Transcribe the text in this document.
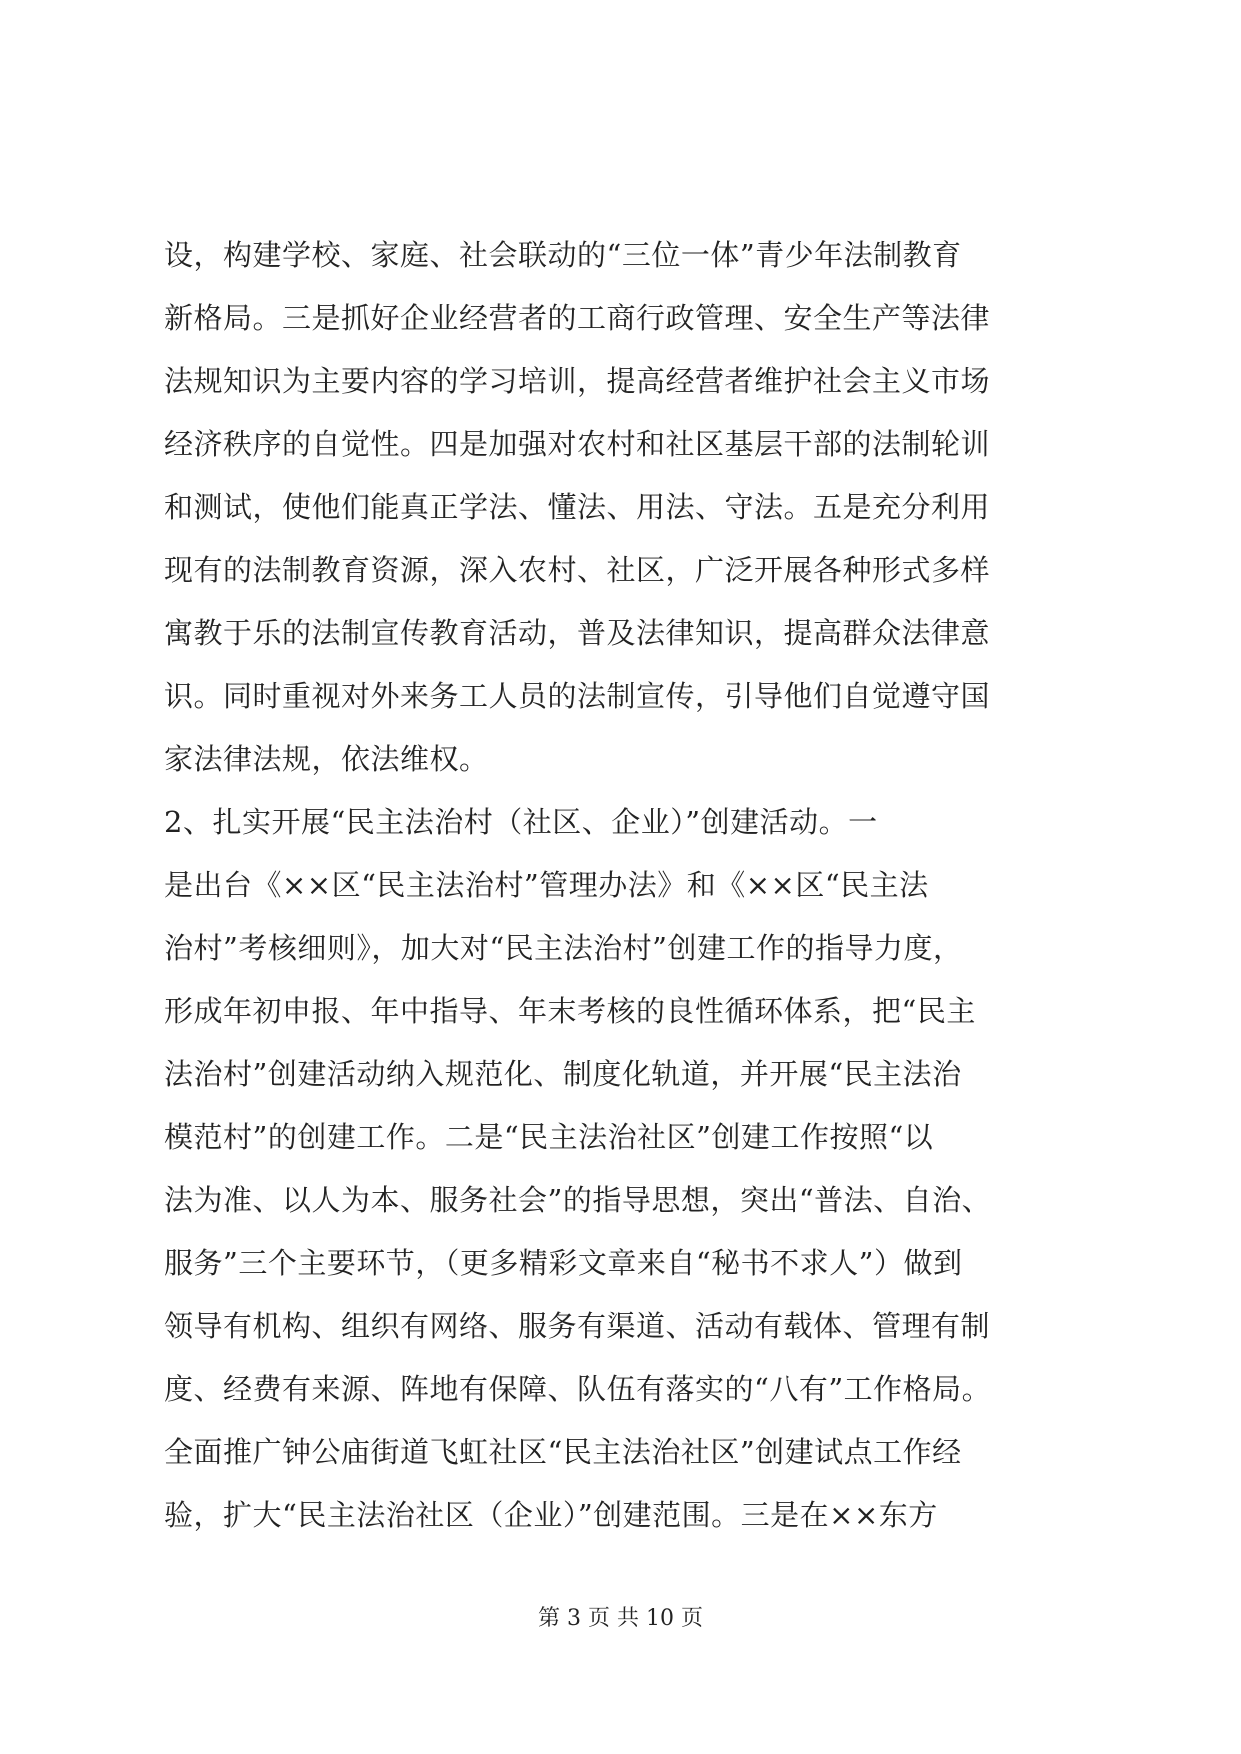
设，构建学校、家庭、社会联动的“三位一体”青少年法制教育
新格局。三是抓好企业经营者的工商行政管理、安全生产等法律
法规知识为主要内容的学习培训，提高经营者维护社会主义市场
经济秩序的自觉性。四是加强对农村和社区基层干部的法制轮训
和测试，使他们能真正学法、懂法、用法、守法。五是充分利用
现有的法制教育资源，深入农村、社区，广泛开展各种形式多样
寓教于乐的法制宣传教育活动，普及法律知识，提高群众法律意
识。同时重视对外来务工人员的法制宣传，引导他们自觉遵守国
家法律法规，依法维权。
2、扎实开展“民主法治村（社区、企业）”创建活动。一
是出台《××区“民主法治村”管理办法》和《××区“民主法
治村”考核细则》，加大对“民主法治村”创建工作的指导力度，
形成年初申报、年中指导、年末考核的良性循环体系，把“民主
法治村”创建活动纳入规范化、制度化轨道，并开展“民主法治
模范村”的创建工作。二是“民主法治社区”创建工作按照“以
法为准、以人为本、服务社会”的指导思想，突出“普法、自治、
服务”三个主要环节，（更多精彩文章来自“秘书不求人”）做到
领导有机构、组织有网络、服务有渠道、活动有载体、管理有制
度、经费有来源、阵地有保障、队伍有落实的“八有”工作格局。
全面推广钟公庙街道飞虹社区“民主法治社区”创建试点工作经
验，扩大“民主法治社区（企业）”创建范围。三是在××东方
第 3 页 共 10 页
